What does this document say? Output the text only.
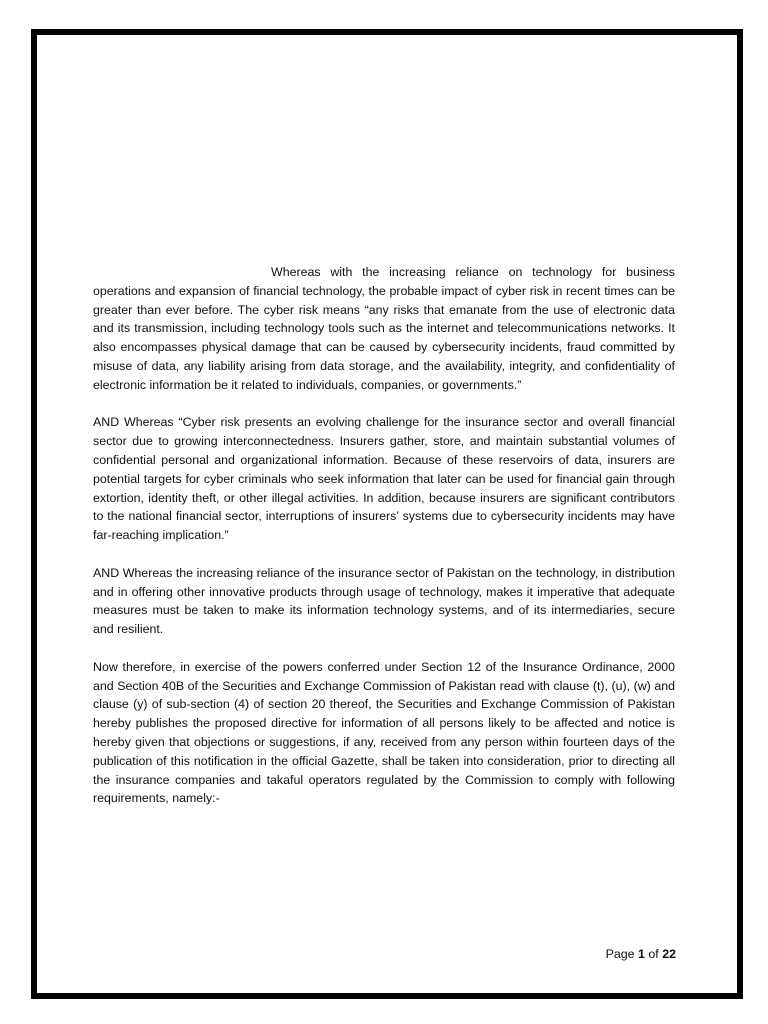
Whereas with the increasing reliance on technology for business operations and expansion of financial technology, the probable impact of cyber risk in recent times can be greater than ever before. The cyber risk means “any risks that emanate from the use of electronic data and its transmission, including technology tools such as the internet and telecommunications networks. It also encompasses physical damage that can be caused by cybersecurity incidents, fraud committed by misuse of data, any liability arising from data storage, and the availability, integrity, and confidentiality of electronic information be it related to individuals, companies, or governments.”

AND Whereas “Cyber risk presents an evolving challenge for the insurance sector and overall financial sector due to growing interconnectedness. Insurers gather, store, and maintain substantial volumes of confidential personal and organizational information. Because of these reservoirs of data, insurers are potential targets for cyber criminals who seek information that later can be used for financial gain through extortion, identity theft, or other illegal activities. In addition, because insurers are significant contributors to the national financial sector, interruptions of insurers’ systems due to cybersecurity incidents may have far-reaching implication.”

AND Whereas the increasing reliance of the insurance sector of Pakistan on the technology, in distribution and in offering other innovative products through usage of technology, makes it imperative that adequate measures must be taken to make its information technology systems, and of its intermediaries, secure and resilient.

Now therefore, in exercise of the powers conferred under Section 12 of the Insurance Ordinance, 2000 and Section 40B of the Securities and Exchange Commission of Pakistan read with clause (t), (u), (w) and clause (y) of sub-section (4) of section 20 thereof, the Securities and Exchange Commission of Pakistan hereby publishes the proposed directive for information of all persons likely to be affected and notice is hereby given that objections or suggestions, if any, received from any person within fourteen days of the publication of this notification in the official Gazette, shall be taken into consideration, prior to directing all the insurance companies and takaful operators regulated by the Commission to comply with following requirements, namely:-

Page 1 of 22
